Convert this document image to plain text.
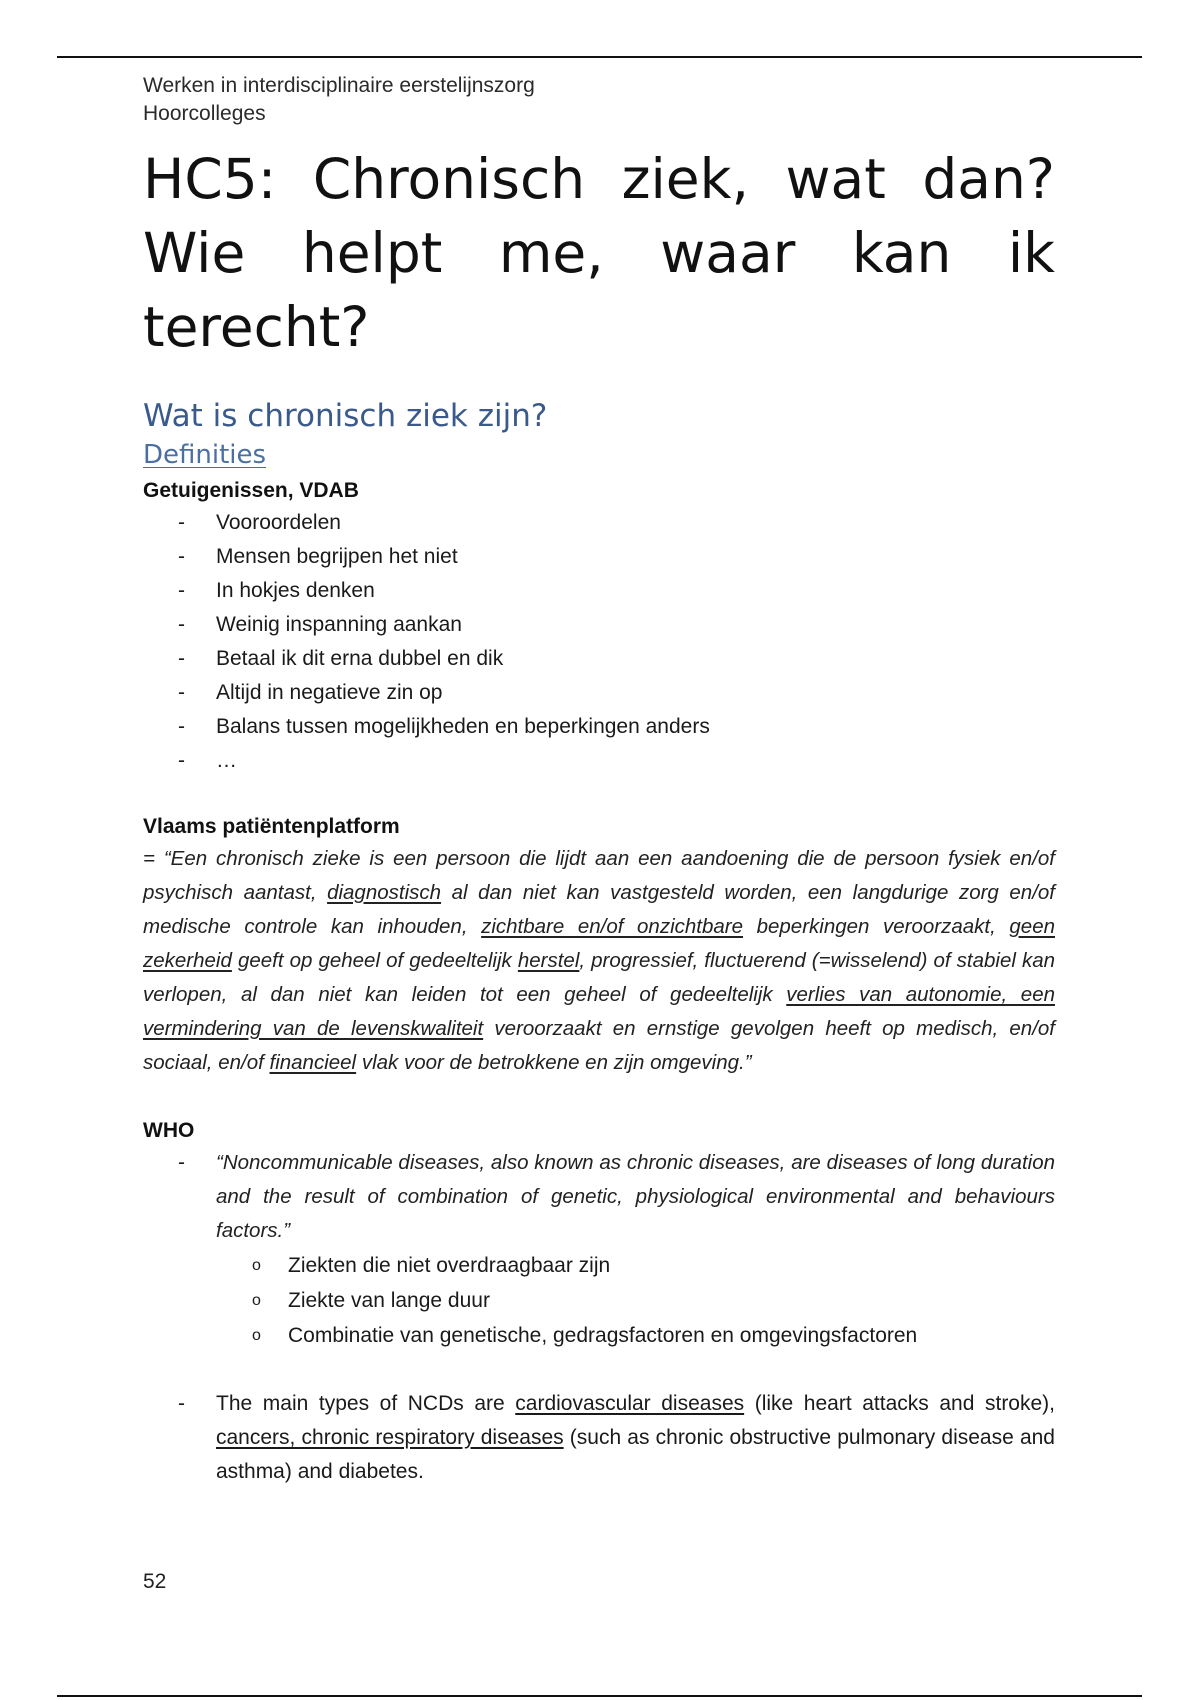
Werken in interdisciplinaire eerstelijnszorg
Hoorcolleges
HC5: Chronisch ziek, wat dan? Wie helpt me, waar kan ik terecht?
Wat is chronisch ziek zijn?
Definities
Getuigenissen, VDAB
- Vooroordelen
- Mensen begrijpen het niet
- In hokjes denken
- Weinig inspanning aankan
- Betaal ik dit erna dubbel en dik
- Altijd in negatieve zin op
- Balans tussen mogelijkheden en beperkingen anders
- …
Vlaams patiëntenplatform
= “Een chronisch zieke is een persoon die lijdt aan een aandoening die de persoon fysiek en/of psychisch aantast, diagnostisch al dan niet kan vastgesteld worden, een langdurige zorg en/of medische controle kan inhouden, zichtbare en/of onzichtbare beperkingen veroorzaakt, geen zekerheid geeft op geheel of gedeeltelijk herstel, progressief, fluctuerend (=wisselend) of stabiel kan verlopen, al dan niet kan leiden tot een geheel of gedeeltelijk verlies van autonomie, een vermindering van de levenskwaliteit veroorzaakt en ernstige gevolgen heeft op medisch, en/of sociaal, en/of financieel vlak voor de betrokkene en zijn omgeving.”
WHO
- “Noncommunicable diseases, also known as chronic diseases, are diseases of long duration and the result of combination of genetic, physiological environmental and behaviours factors.”
o Ziekten die niet overdraagbaar zijn
o Ziekte van lange duur
o Combinatie van genetische, gedragsfactoren en omgevingsfactoren
- The main types of NCDs are cardiovascular diseases (like heart attacks and stroke), cancers, chronic respiratory diseases (such as chronic obstructive pulmonary disease and asthma) and diabetes.
52
